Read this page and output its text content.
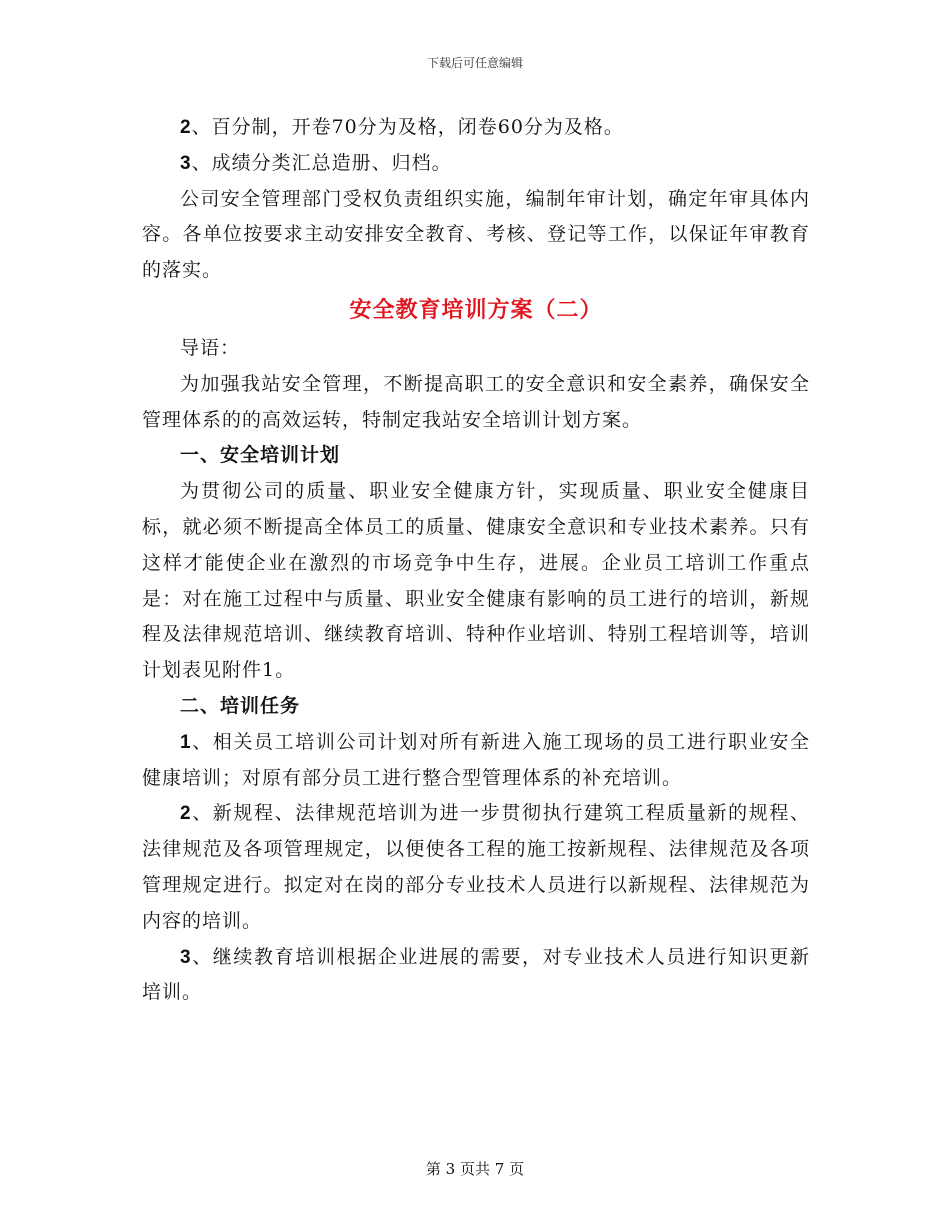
下载后可任意编辑

2、百分制，开卷70分为及格，闭卷60分为及格。

3、成绩分类汇总造册、归档。

公司安全管理部门受权负责组织实施，编制年审计划，确定年审具体内容。各单位按要求主动安排安全教育、考核、登记等工作，以保证年审教育的落实。

安全教育培训方案（二）

导语：

为加强我站安全管理，不断提高职工的安全意识和安全素养，确保安全管理体系的的高效运转，特制定我站安全培训计划方案。

一、安全培训计划

为贯彻公司的质量、职业安全健康方针，实现质量、职业安全健康目标，就必须不断提高全体员工的质量、健康安全意识和专业技术素养。只有这样才能使企业在激烈的市场竞争中生存，进展。企业员工培训工作重点是：对在施工过程中与质量、职业安全健康有影响的员工进行的培训，新规程及法律规范培训、继续教育培训、特种作业培训、特别工程培训等，培训计划表见附件1。

二、培训任务

1、相关员工培训公司计划对所有新进入施工现场的员工进行职业安全健康培训；对原有部分员工进行整合型管理体系的补充培训。

2、新规程、法律规范培训为进一步贯彻执行建筑工程质量新的规程、法律规范及各项管理规定，以便使各工程的施工按新规程、法律规范及各项管理规定进行。拟定对在岗的部分专业技术人员进行以新规程、法律规范为内容的培训。

3、继续教育培训根据企业进展的需要，对专业技术人员进行知识更新培训。

第 3 页共 7 页
